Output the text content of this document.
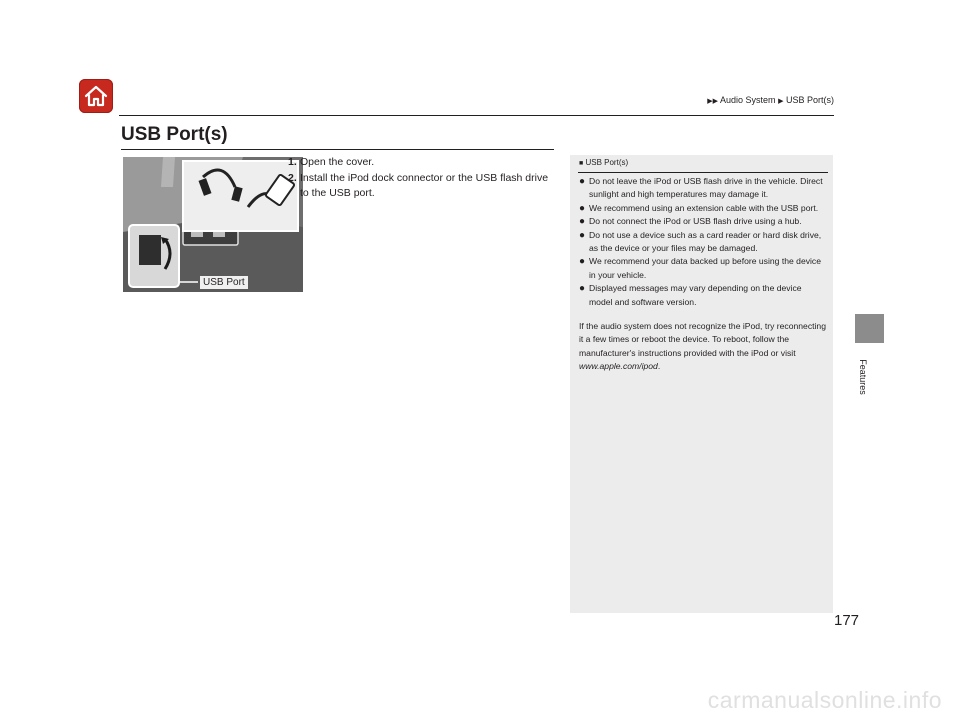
▶▶ Audio System ▶ USB Port(s)
Features
USB Port(s)
USB Port
1. Open the cover.
2. Install the iPod dock connector or the USB flash drive to the USB port.
■ USB Port(s)
● Do not leave the iPod or USB flash drive in the vehicle. Direct sunlight and high temperatures may damage it.
● We recommend using an extension cable with the USB port.
● Do not connect the iPod or USB flash drive using a hub.
● Do not use a device such as a card reader or hard disk drive, as the device or your files may be damaged.
● We recommend your data backed up before using the device in your vehicle.
● Displayed messages may vary depending on the device model and software version.
If the audio system does not recognize the iPod, try reconnecting it a few times or reboot the device. To reboot, follow the manufacturer's instructions provided with the iPod or visit www.apple.com/ipod.
177
carmanualsonline.info
